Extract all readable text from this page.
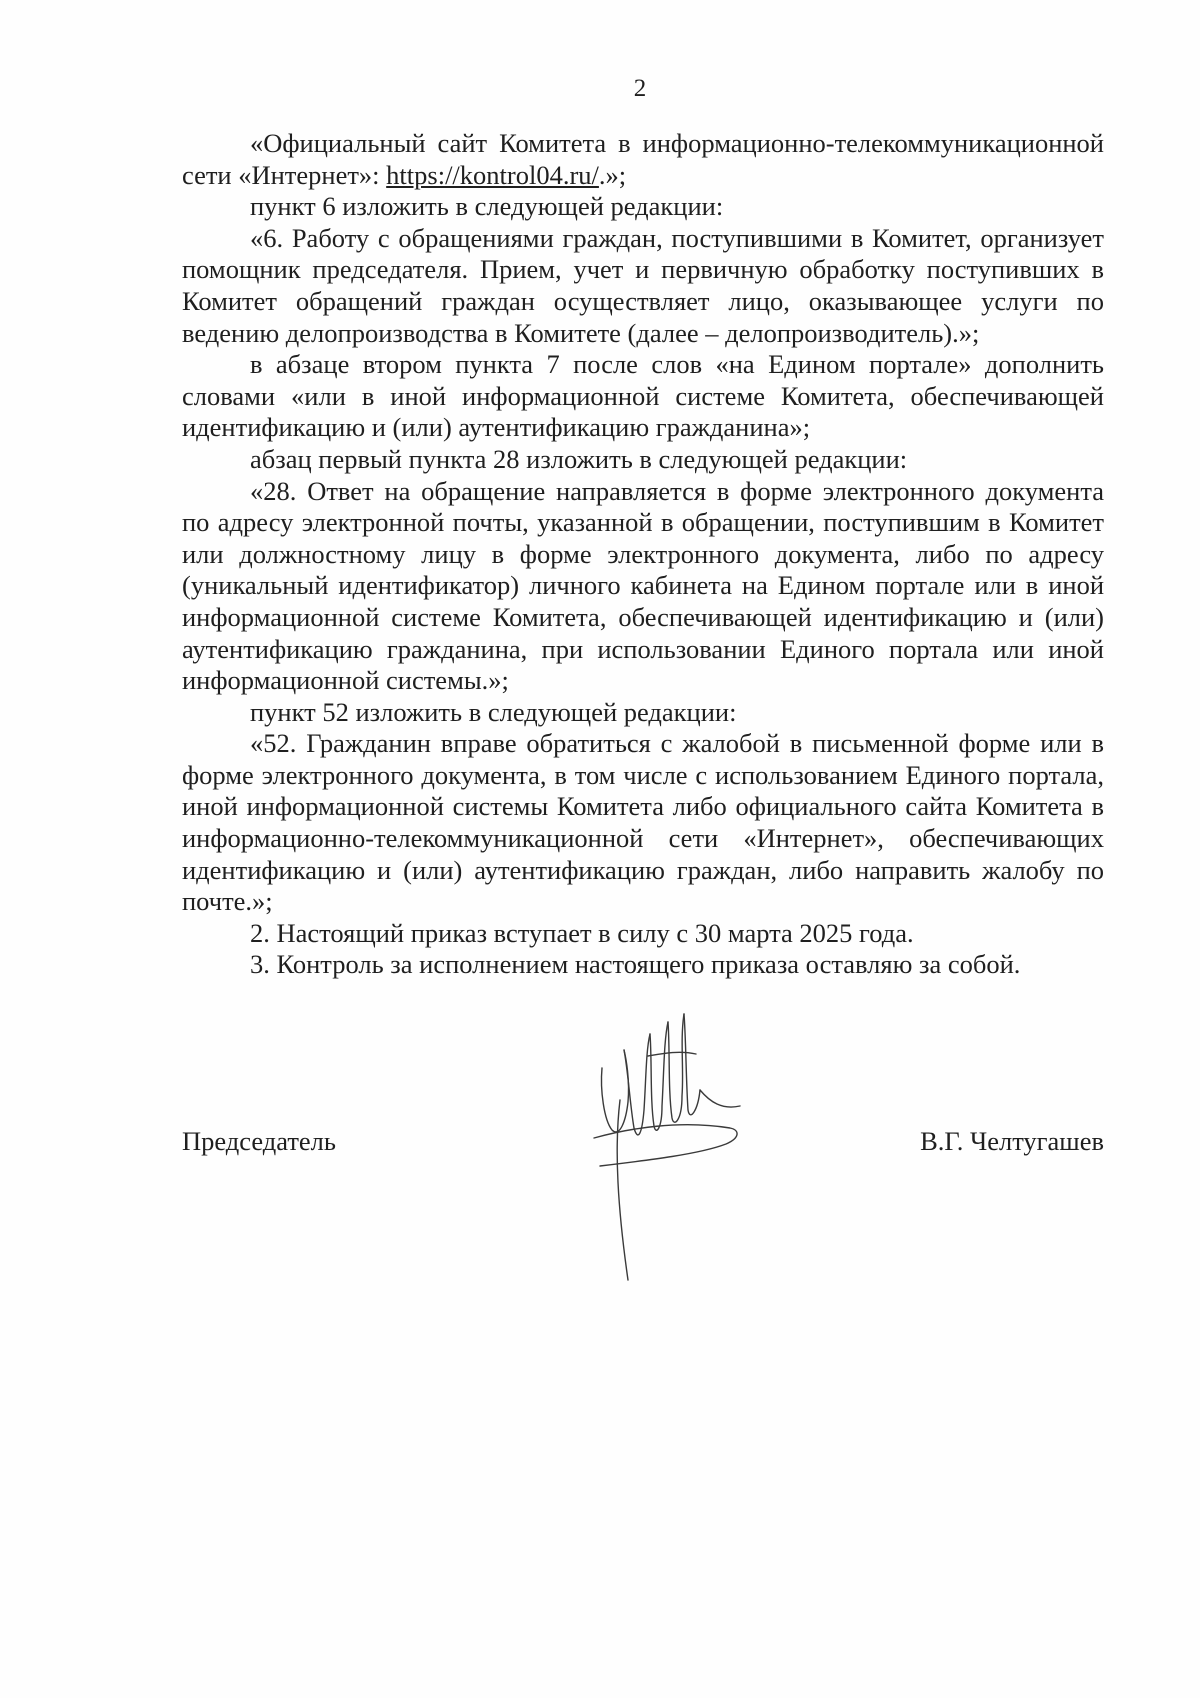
2

«Официальный сайт Комитета в информационно-телекоммуникационной сети «Интернет»: https://kontrol04.ru/.»;

пункт 6 изложить в следующей редакции:

«6. Работу с обращениями граждан, поступившими в Комитет, организует помощник председателя. Прием, учет и первичную обработку поступивших в Комитет обращений граждан осуществляет лицо, оказывающее услуги по ведению делопроизводства в Комитете (далее – делопроизводитель).»;

в абзаце втором пункта 7 после слов «на Едином портале» дополнить словами «или в иной информационной системе Комитета, обеспечивающей идентификацию и (или) аутентификацию гражданина»;

абзац первый пункта 28 изложить в следующей редакции:

«28. Ответ на обращение направляется в форме электронного документа по адресу электронной почты, указанной в обращении, поступившим в Комитет или должностному лицу в форме электронного документа, либо по адресу (уникальный идентификатор) личного кабинета на Едином портале или в иной информационной системе Комитета, обеспечивающей идентификацию и (или) аутентификацию гражданина, при использовании Единого портала или иной информационной системы.»;

пункт 52 изложить в следующей редакции:

«52. Гражданин вправе обратиться с жалобой в письменной форме или в форме электронного документа, в том числе с использованием Единого портала, иной информационной системы Комитета либо официального сайта Комитета в информационно-телекоммуникационной сети «Интернет», обеспечивающих идентификацию и (или) аутентификацию граждан, либо направить жалобу по почте.»;

2. Настоящий приказ вступает в силу с 30 марта 2025 года.

3. Контроль за исполнением настоящего приказа оставляю за собой.

Председатель	В.Г. Челтугашев
